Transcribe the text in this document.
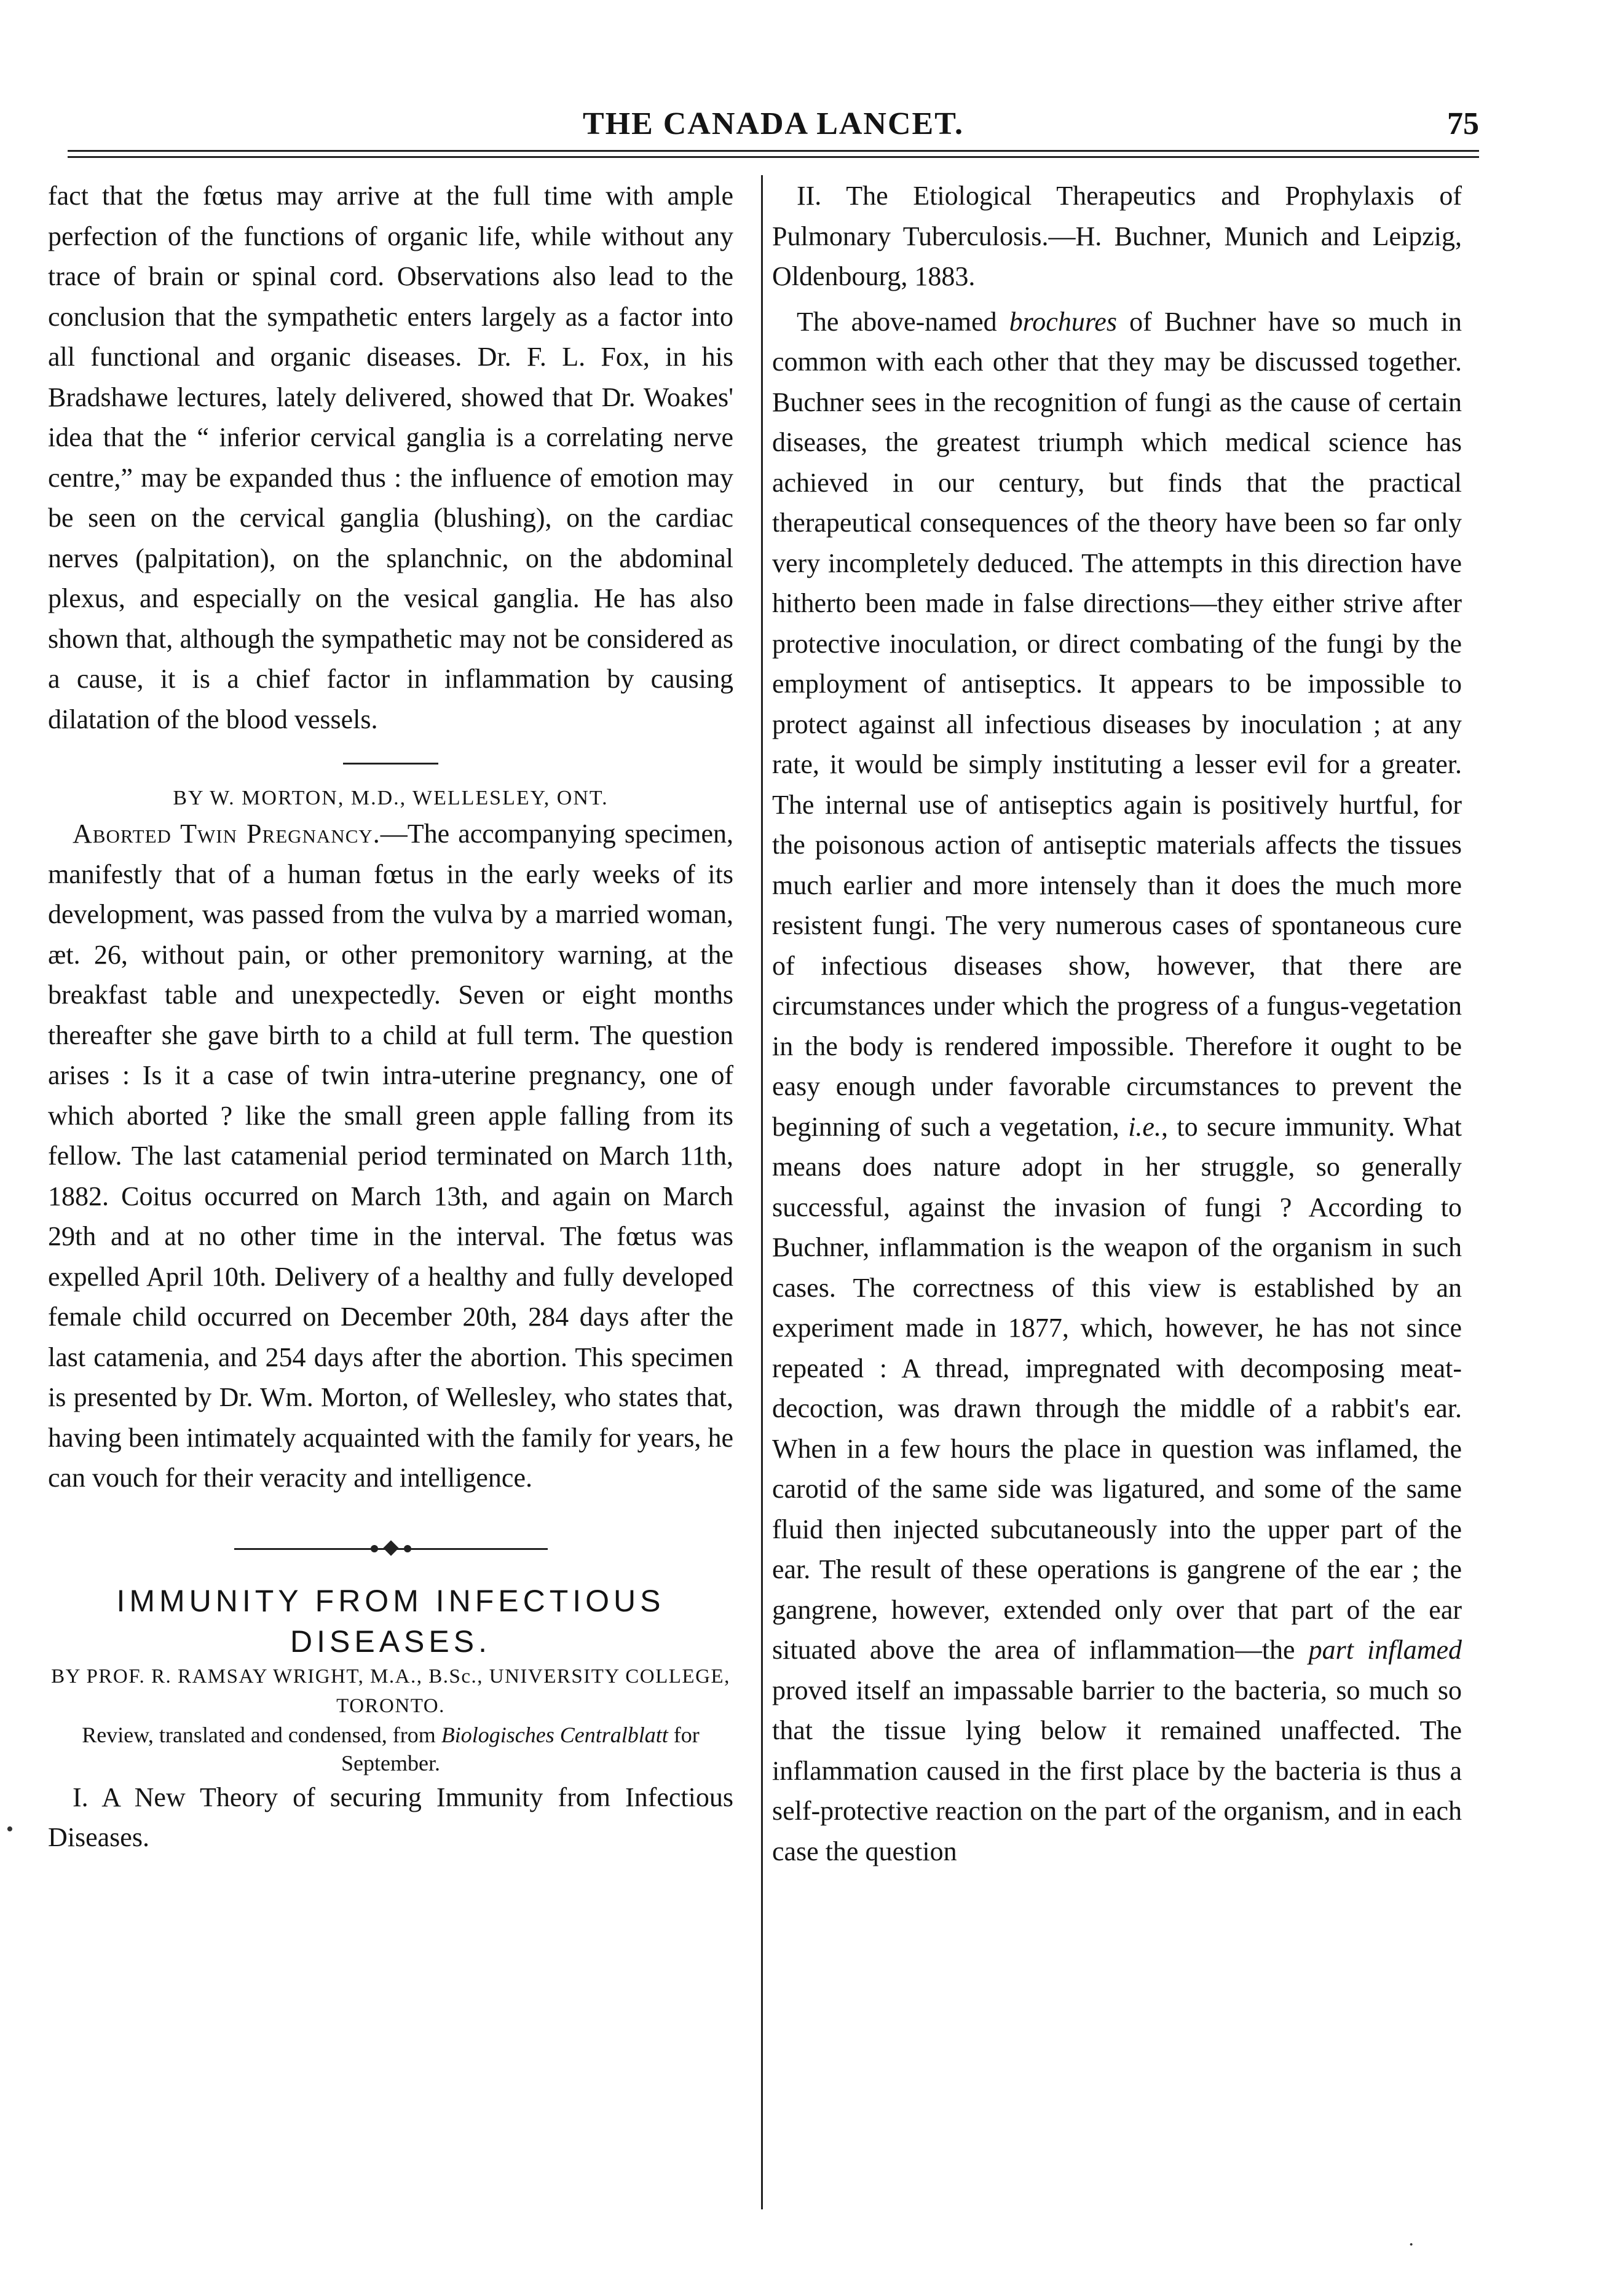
THE CANADA LANCET.	75

fact that the fœtus may arrive at the full time with ample perfection of the functions of organic life, while without any trace of brain or spinal cord. Observations also lead to the conclusion that the sympathetic enters largely as a factor into all functional and organic diseases. Dr. F. L. Fox, in his Bradshawe lectures, lately delivered, showed that Dr. Woakes' idea that the “ inferior cervical ganglia is a correlating nerve centre,” may be expanded thus : the influence of emotion may be seen on the cervical ganglia (blushing), on the cardiac nerves (palpitation), on the splanchnic, on the abdominal plexus, and especially on the vesical ganglia. He has also shown that, although the sympathetic may not be considered as a cause, it is a chief factor in inflammation by causing dilatation of the blood vessels.

BY W. MORTON, M.D., WELLESLEY, ONT.

Aborted Twin Pregnancy.—The accompanying specimen, manifestly that of a human fœtus in the early weeks of its development, was passed from the vulva by a married woman, æt. 26, without pain, or other premonitory warning, at the breakfast table and unexpectedly. Seven or eight months thereafter she gave birth to a child at full term. The question arises : Is it a case of twin intra-uterine pregnancy, one of which aborted ? like the small green apple falling from its fellow. The last catamenial period terminated on March 11th, 1882. Coitus occurred on March 13th, and again on March 29th and at no other time in the interval. The fœtus was expelled April 10th. Delivery of a healthy and fully developed female child occurred on December 20th, 284 days after the last catamenia, and 254 days after the abortion. This specimen is presented by Dr. Wm. Morton, of Wellesley, who states that, having been intimately acquainted with the family for years, he can vouch for their veracity and intelligence.

IMMUNITY FROM INFECTIOUS DISEASES.

BY PROF. R. RAMSAY WRIGHT, M.A., B.Sc., UNIVERSITY COLLEGE, TORONTO.

Review, translated and condensed, from Biologisches Centralblatt for September.

I. A New Theory of securing Immunity from Infectious Diseases.

II. The Etiological Therapeutics and Prophylaxis of Pulmonary Tuberculosis.—H. Buchner, Munich and Leipzig, Oldenbourg, 1883.

The above-named brochures of Buchner have so much in common with each other that they may be discussed together. Buchner sees in the recognition of fungi as the cause of certain diseases, the greatest triumph which medical science has achieved in our century, but finds that the practical therapeutical consequences of the theory have been so far only very incompletely deduced. The attempts in this direction have hitherto been made in false directions—they either strive after protective inoculation, or direct combating of the fungi by the employment of antiseptics. It appears to be impossible to protect against all infectious diseases by inoculation ; at any rate, it would be simply instituting a lesser evil for a greater. The internal use of antiseptics again is positively hurtful, for the poisonous action of antiseptic materials affects the tissues much earlier and more intensely than it does the much more resistent fungi. The very numerous cases of spontaneous cure of infectious diseases show, however, that there are circumstances under which the progress of a fungus-vegetation in the body is rendered impossible. Therefore it ought to be easy enough under favorable circumstances to prevent the beginning of such a vegetation, i.e., to secure immunity. What means does nature adopt in her struggle, so generally successful, against the invasion of fungi ? According to Buchner, inflammation is the weapon of the organism in such cases. The correctness of this view is established by an experiment made in 1877, which, however, he has not since repeated : A thread, impregnated with decomposing meat-decoction, was drawn through the middle of a rabbit's ear. When in a few hours the place in question was inflamed, the carotid of the same side was ligatured, and some of the same fluid then injected subcutaneously into the upper part of the ear. The result of these operations is gangrene of the ear ; the gangrene, however, extended only over that part of the ear situated above the area of inflammation—the part inflamed proved itself an impassable barrier to the bacteria, so much so that the tissue lying below it remained unaffected. The inflammation caused in the first place by the bacteria is thus a self-protective reaction on the part of the organism, and in each case the question

•
·
